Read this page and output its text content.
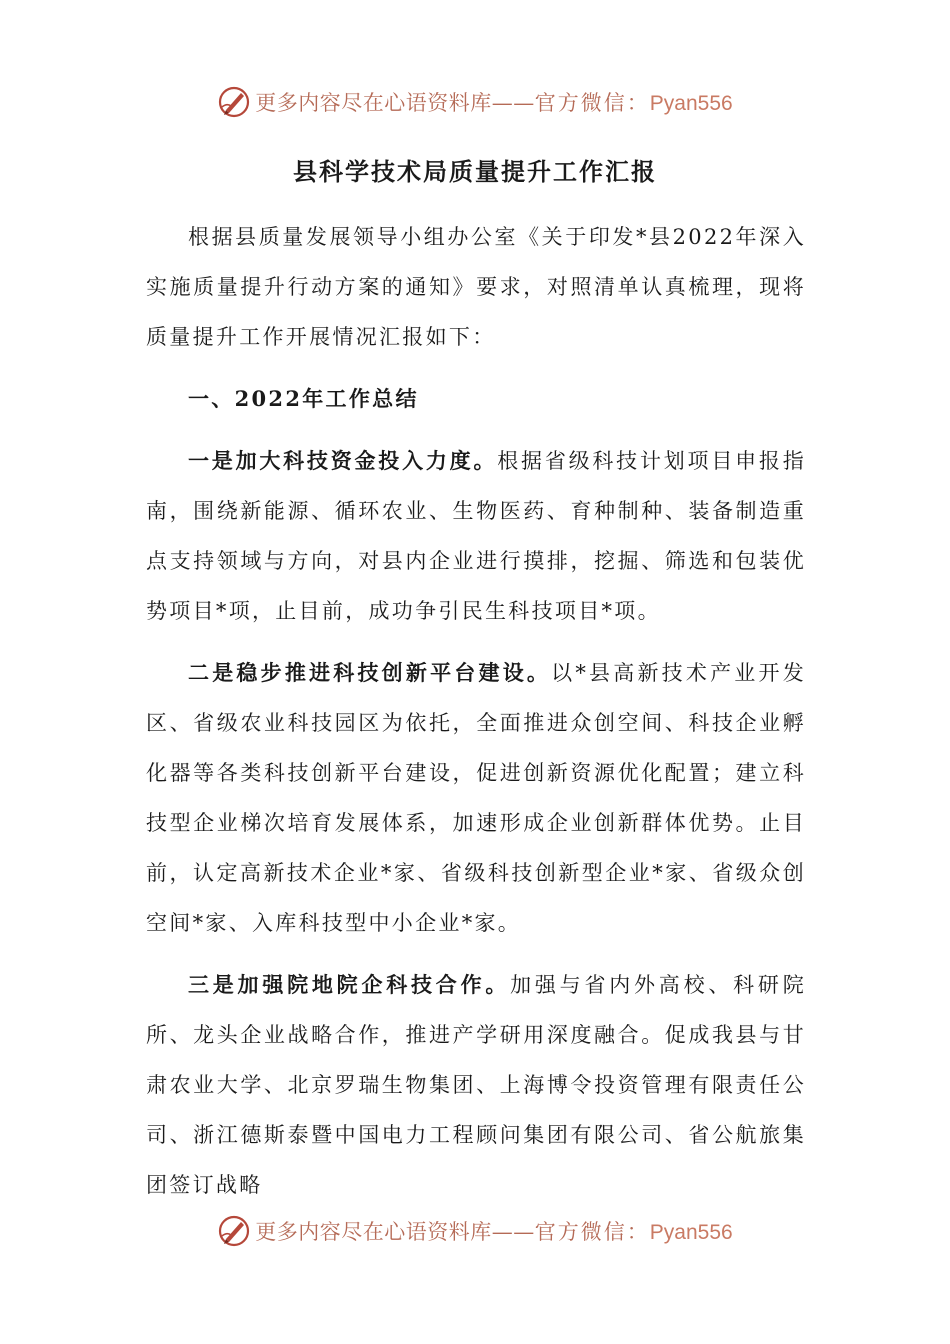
更多内容尽在心语资料库——官方微信：Pyan556
县科学技术局质量提升工作汇报

根据县质量发展领导小组办公室《关于印发*县2022年深入实施质量提升行动方案的通知》要求，对照清单认真梳理，现将质量提升工作开展情况汇报如下：

一、2022年工作总结

一是加大科技资金投入力度。根据省级科技计划项目申报指南，围绕新能源、循环农业、生物医药、育种制种、装备制造重点支持领域与方向，对县内企业进行摸排，挖掘、筛选和包装优势项目*项，止目前，成功争引民生科技项目*项。

二是稳步推进科技创新平台建设。以*县高新技术产业开发区、省级农业科技园区为依托，全面推进众创空间、科技企业孵化器等各类科技创新平台建设，促进创新资源优化配置；建立科技型企业梯次培育发展体系，加速形成企业创新群体优势。止目前，认定高新技术企业*家、省级科技创新型企业*家、省级众创空间*家、入库科技型中小企业*家。

三是加强院地院企科技合作。加强与省内外高校、科研院所、龙头企业战略合作，推进产学研用深度融合。促成我县与甘肃农业大学、北京罗瑞生物集团、上海博令投资管理有限责任公司、浙江德斯泰暨中国电力工程顾问集团有限公司、省公航旅集团签订战略

更多内容尽在心语资料库——官方微信：Pyan556
